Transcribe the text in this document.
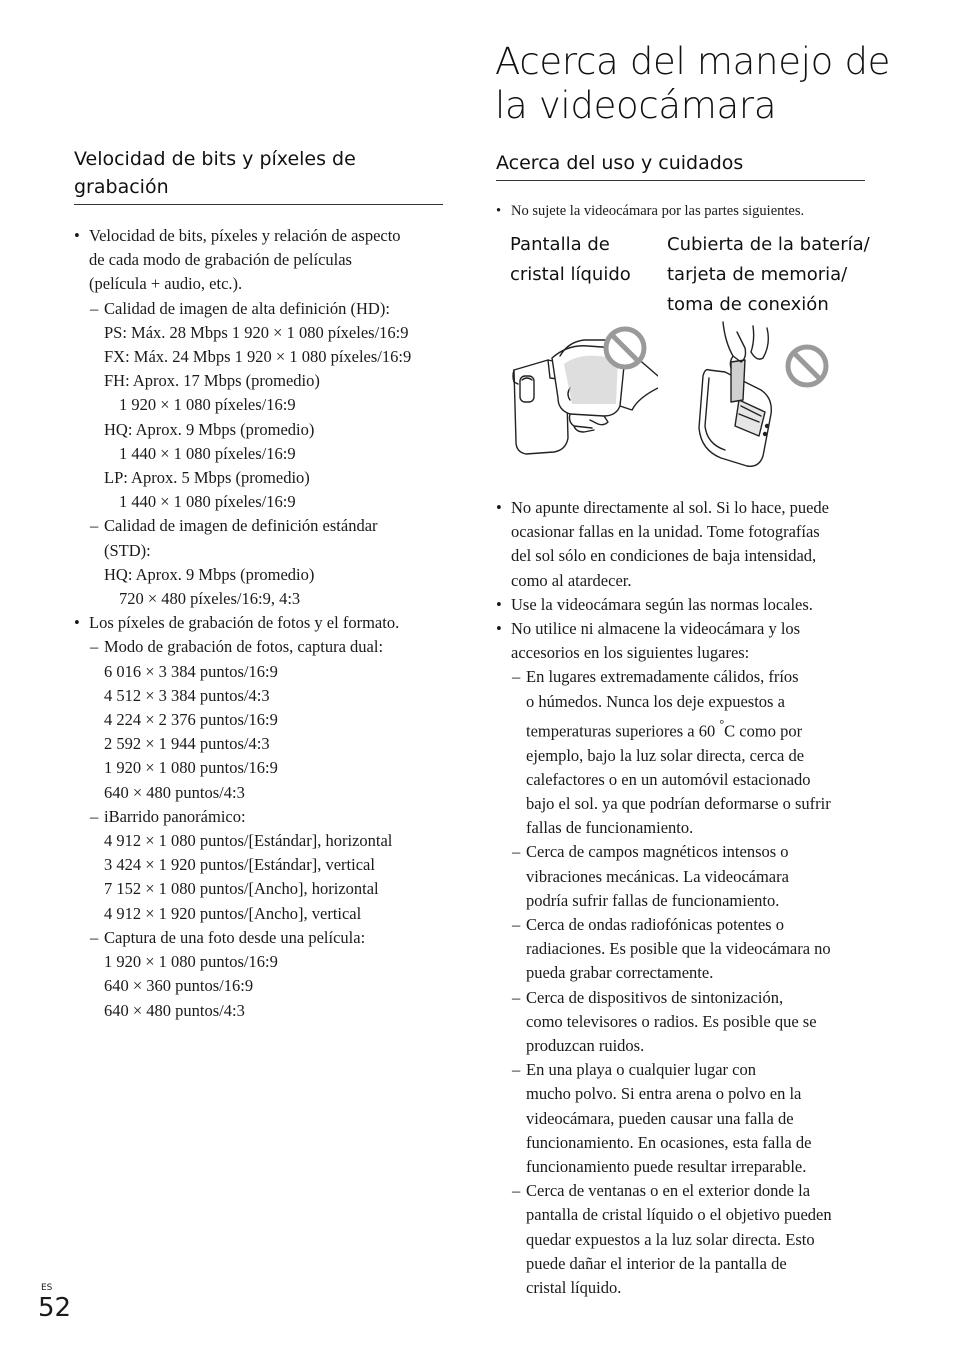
Acerca del manejo de
la videocámara
Velocidad de bits y píxeles de
grabación
• Velocidad de bits, píxeles y relación de aspecto
de cada modo de grabación de películas
(película + audio, etc.).
– Calidad de imagen de alta definición (HD):
PS: Máx. 28 Mbps 1 920 × 1 080 píxeles/16:9
FX: Máx. 24 Mbps 1 920 × 1 080 píxeles/16:9
FH: Aprox. 17 Mbps (promedio)
1 920 × 1 080 píxeles/16:9
HQ: Aprox. 9 Mbps (promedio)
1 440 × 1 080 píxeles/16:9
LP: Aprox. 5 Mbps (promedio)
1 440 × 1 080 píxeles/16:9
– Calidad de imagen de definición estándar
(STD):
HQ: Aprox. 9 Mbps (promedio)
720 × 480 píxeles/16:9, 4:3
• Los píxeles de grabación de fotos y el formato.
– Modo de grabación de fotos, captura dual:
6 016 × 3 384 puntos/16:9
4 512 × 3 384 puntos/4:3
4 224 × 2 376 puntos/16:9
2 592 × 1 944 puntos/4:3
1 920 × 1 080 puntos/16:9
640 × 480 puntos/4:3
– iBarrido panorámico:
4 912 × 1 080 puntos/[Estándar], horizontal
3 424 × 1 920 puntos/[Estándar], vertical
7 152 × 1 080 puntos/[Ancho], horizontal
4 912 × 1 920 puntos/[Ancho], vertical
– Captura de una foto desde una película:
1 920 × 1 080 puntos/16:9
640 × 360 puntos/16:9
640 × 480 puntos/4:3
Acerca del uso y cuidados
• No sujete la videocámara por las partes siguientes.
Pantalla de
cristal líquido
Cubierta de la batería/
tarjeta de memoria/
toma de conexión
• No apunte directamente al sol. Si lo hace, puede
ocasionar fallas en la unidad. Tome fotografías
del sol sólo en condiciones de baja intensidad,
como al atardecer.
• Use la videocámara según las normas locales.
• No utilice ni almacene la videocámara y los
accesorios en los siguientes lugares:
– En lugares extremadamente cálidos, fríos
o húmedos. Nunca los deje expuestos a
temperaturas superiores a 60 °C como por
ejemplo, bajo la luz solar directa, cerca de
calefactores o en un automóvil estacionado
bajo el sol. ya que podrían deformarse o sufrir
fallas de funcionamiento.
– Cerca de campos magnéticos intensos o
vibraciones mecánicas. La videocámara
podría sufrir fallas de funcionamiento.
– Cerca de ondas radiofónicas potentes o
radiaciones. Es posible que la videocámara no
pueda grabar correctamente.
– Cerca de dispositivos de sintonización,
como televisores o radios. Es posible que se
produzcan ruidos.
– En una playa o cualquier lugar con
mucho polvo. Si entra arena o polvo en la
videocámara, pueden causar una falla de
funcionamiento. En ocasiones, esta falla de
funcionamiento puede resultar irreparable.
– Cerca de ventanas o en el exterior donde la
pantalla de cristal líquido o el objetivo pueden
quedar expuestos a la luz solar directa. Esto
puede dañar el interior de la pantalla de
cristal líquido.
ES
52
